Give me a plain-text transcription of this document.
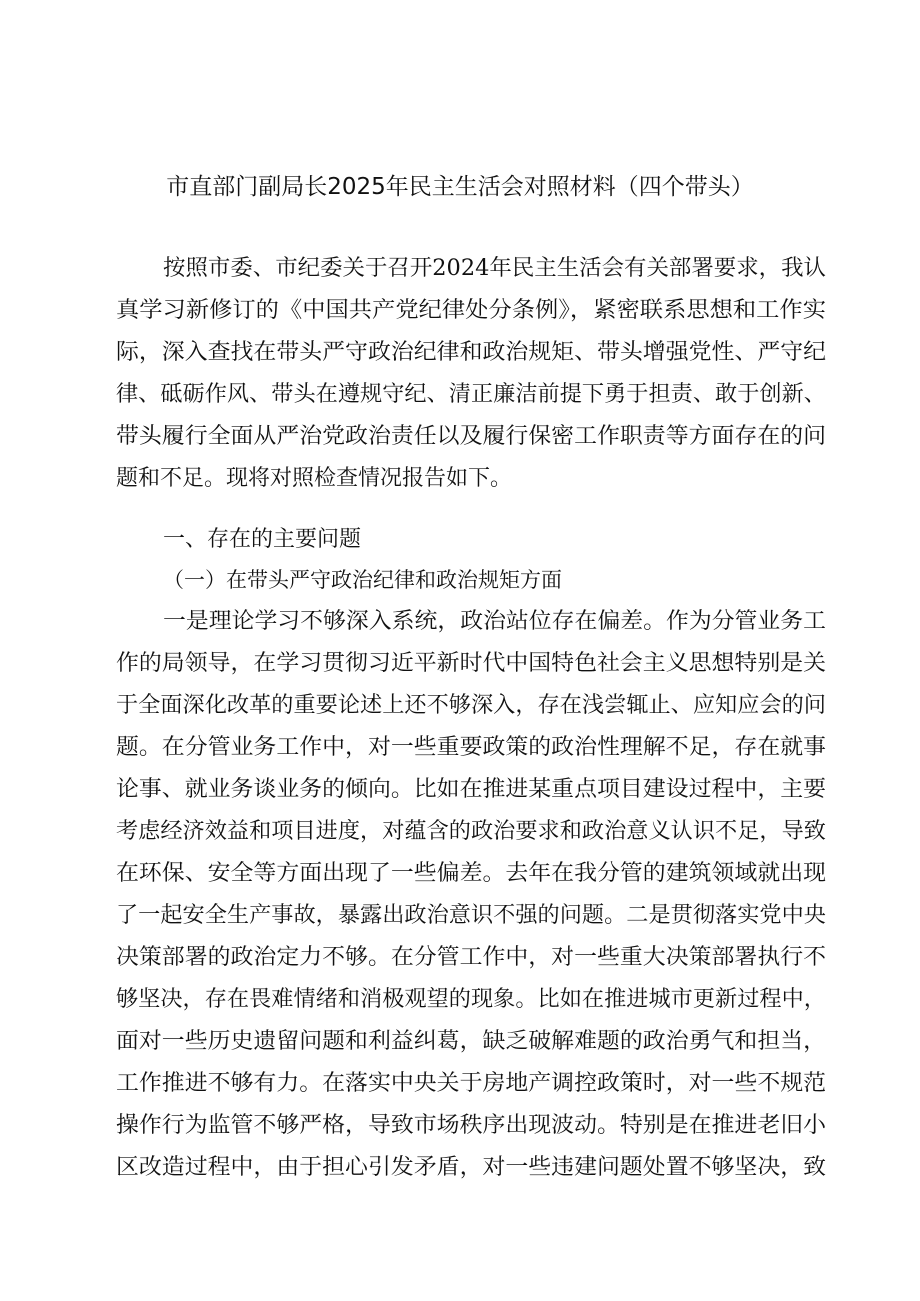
市直部门副局长2025年民主生活会对照材料（四个带头）
按照市委、市纪委关于召开2024年民主生活会有关部署要求，我认
真学习新修订的《中国共产党纪律处分条例》，紧密联系思想和工作实
际，深入查找在带头严守政治纪律和政治规矩、带头增强党性、严守纪
律、砥砺作风、带头在遵规守纪、清正廉洁前提下勇于担责、敢于创新、
带头履行全面从严治党政治责任以及履行保密工作职责等方面存在的问
题和不足。现将对照检查情况报告如下。
一、存在的主要问题
（一）在带头严守政治纪律和政治规矩方面
一是理论学习不够深入系统，政治站位存在偏差。作为分管业务工
作的局领导，在学习贯彻习近平新时代中国特色社会主义思想特别是关
于全面深化改革的重要论述上还不够深入，存在浅尝辄止、应知应会的问
题。在分管业务工作中，对一些重要政策的政治性理解不足，存在就事
论事、就业务谈业务的倾向。比如在推进某重点项目建设过程中，主要
考虑经济效益和项目进度，对蕴含的政治要求和政治意义认识不足，导致
在环保、安全等方面出现了一些偏差。去年在我分管的建筑领域就出现
了一起安全生产事故，暴露出政治意识不强的问题。二是贯彻落实党中央
决策部署的政治定力不够。在分管工作中，对一些重大决策部署执行不
够坚决，存在畏难情绪和消极观望的现象。比如在推进城市更新过程中，
面对一些历史遗留问题和利益纠葛，缺乏破解难题的政治勇气和担当，
工作推进不够有力。在落实中央关于房地产调控政策时，对一些不规范
操作行为监管不够严格，导致市场秩序出现波动。特别是在推进老旧小
区改造过程中，由于担心引发矛盾，对一些违建问题处置不够坚决，致
